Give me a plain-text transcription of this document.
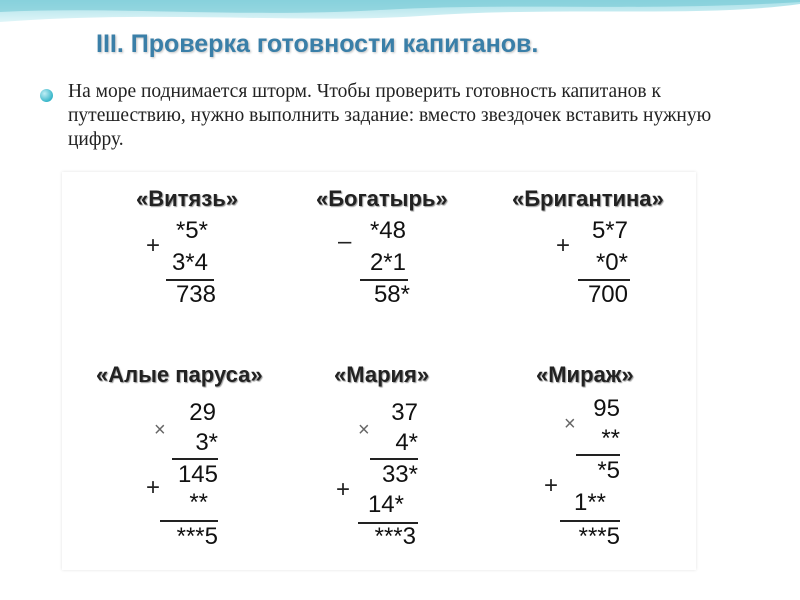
III. Проверка готовности капитанов.

На море поднимается шторм. Чтобы проверить готовность капитанов к путешествию, нужно выполнить задание: вместо звездочек вставить нужную цифру.

«Витязь»
+
*5*
3*4
738
«Богатырь»
– *48
2*1
58*
«Бригантина»
+
5*7
*0*
700
«Алые паруса»
×
29
3*
145
+
**
***5
«Мария»
×
37
4*
33*
+
14*
***3
«Мираж»
×
95
**
*5
+
1**
***5
